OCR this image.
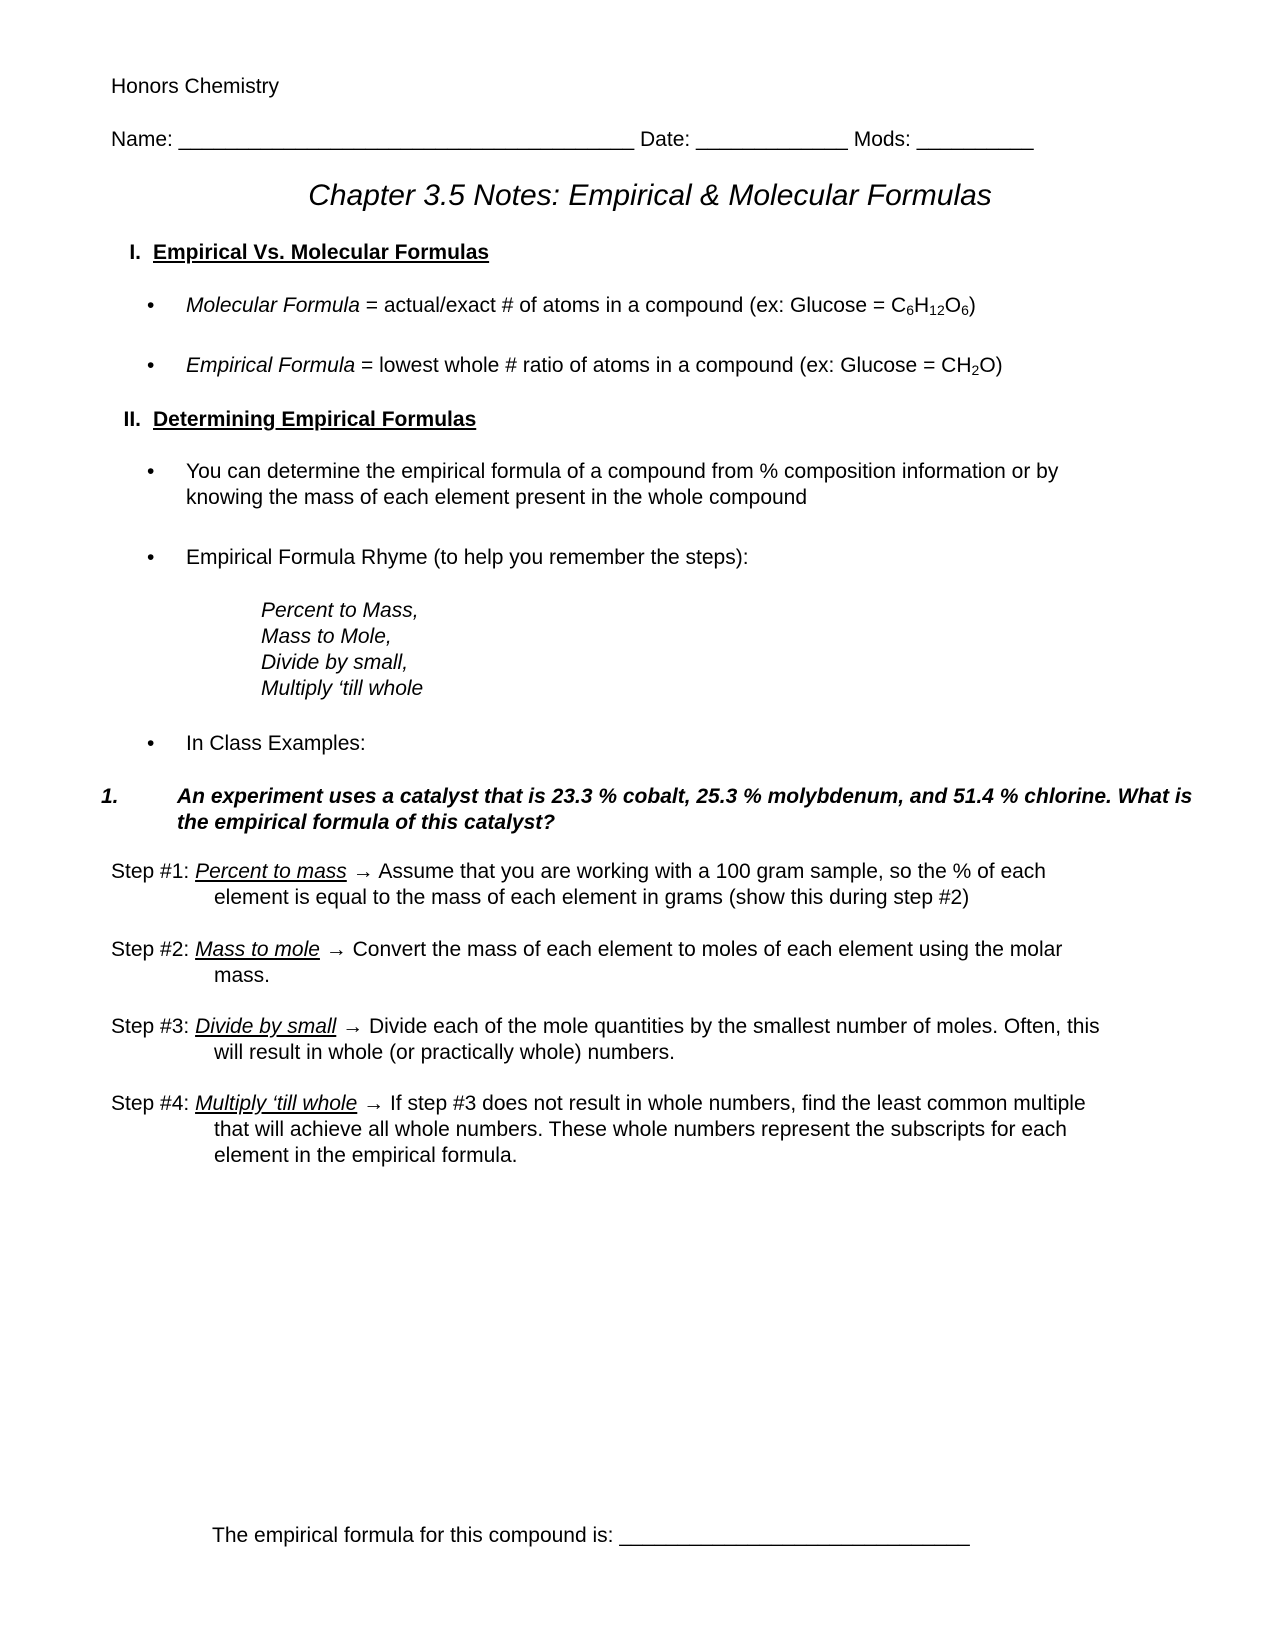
Honors Chemistry
Name: _______________________________________ Date: _____________ Mods: __________
Chapter 3.5 Notes: Empirical & Molecular Formulas
I. Empirical Vs. Molecular Formulas
• Molecular Formula = actual/exact # of atoms in a compound (ex: $Glucose = C_6H_{12}O_6$)
• Empirical Formula = lowest whole # ratio of atoms in a compound (ex: $Glucose = CH_2O$)
II. Determining Empirical Formulas
• You can determine the empirical formula of a compound from % composition information or by knowing the mass of each element present in the whole compound
• Empirical Formula Rhyme (to help you remember the steps):
Percent to Mass,
Mass to Mole,
Divide by small,
Multiply ‘till whole
• In Class Examples:
1.	An experiment uses a catalyst that is 23.3 % cobalt, 25.3 % molybdenum, and 51.4 % chlorine. What is the empirical formula of this catalyst?
Step #1: Percent to mass → Assume that you are working with a 100 gram sample, so the % of each
element is equal to the mass of each element in grams (show this during step #2)
Step #2: Mass to mole → Convert the mass of each element to moles of each element using the molar
mass.
Step #3: Divide by small → Divide each of the mole quantities by the smallest number of moles. Often, this
will result in whole (or practically whole) numbers.
Step #4: Multiply ‘till whole → If step #3 does not result in whole numbers, find the least common multiple
that will achieve all whole numbers. These whole numbers represent the subscripts for each element in the empirical formula.
The empirical formula for this compound is: ______________________________
